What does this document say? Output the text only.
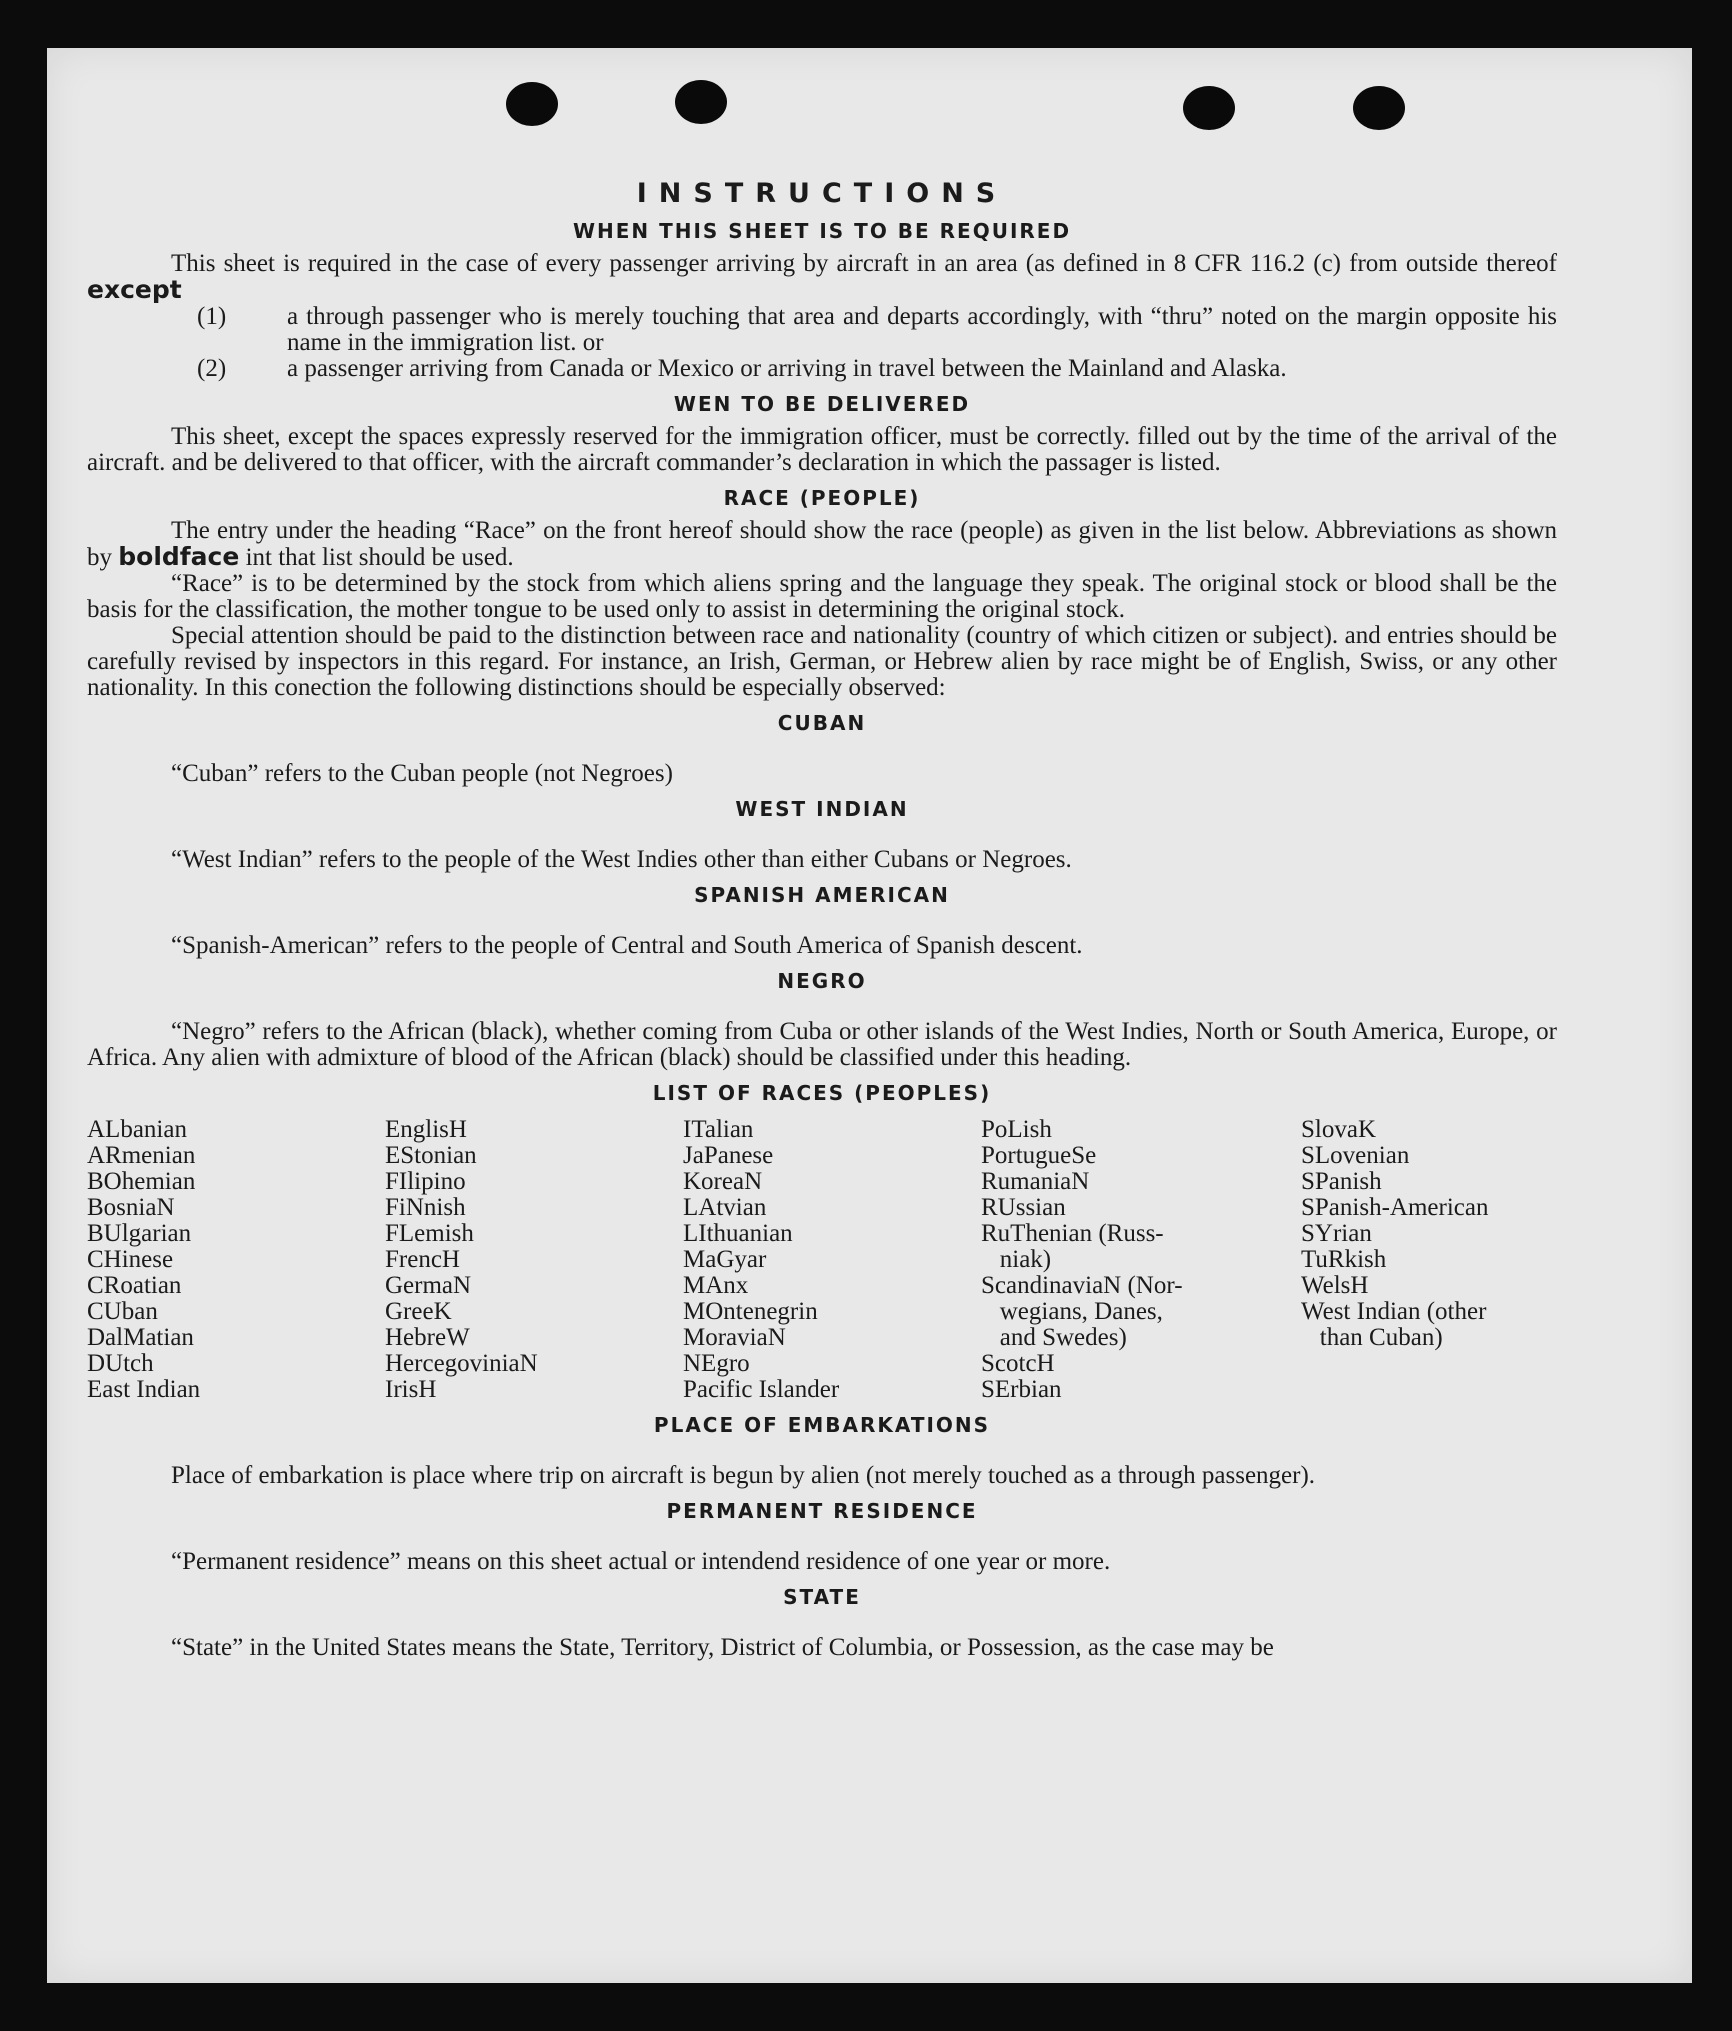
INSTRUCTIONS
WHEN THIS SHEET IS TO BE REQUIRED

This sheet is required in the case of every passenger arriving by aircraft in an area (as defined in 8 CFR 116.2 (c) from outside thereof except

(1) a through passenger who is merely touching that area and departs accordingly, with “thru” noted on the margin opposite his name in the immigration list. or

(2) a passenger arriving from Canada or Mexico or arriving in travel between the Mainland and Alaska.

WEN TO BE DELIVERED

This sheet, except the spaces expressly reserved for the immigration officer, must be correctly. filled out by the time of the arrival of the aircraft. and be delivered to that officer, with the aircraft commander’s declaration in which the passager is listed.

RACE (PEOPLE)

The entry under the heading “Race” on the front hereof should show the race (people) as given in the list below. Abbreviations as shown by boldface int that list should be used.

“Race” is to be determined by the stock from which aliens spring and the language they speak. The original stock or blood shall be the basis for the classification, the mother tongue to be used only to assist in determining the original stock.

Special attention should be paid to the distinction between race and nationality (country of which citizen or subject). and entries should be carefully revised by inspectors in this regard. For instance, an Irish, German, or Hebrew alien by race might be of English, Swiss, or any other nationality. In this conection the following distinctions should be especially observed:

CUBAN

“Cuban” refers to the Cuban people (not Negroes)

WEST INDIAN

“West Indian” refers to the people of the West Indies other than either Cubans or Negroes.

SPANISH AMERICAN

“Spanish-American” refers to the people of Central and South America of Spanish descent.

NEGRO

“Negro” refers to the African (black), whether coming from Cuba or other islands of the West Indies, North or South America, Europe, or Africa. Any alien with admixture of blood of the African (black) should be classified under this heading.

LIST OF RACES (PEOPLES)
ALbanian
ARmenian
BOhemian
BosniaN
BUlgarian
CHinese
CRoatian
CUban
DalMatian
DUtch
East Indian
EnglisH
EStonian
FIlipino
FiNnish
FLemish
FrencH
GermaN
GreeK
HebreW
HercegoviniaN
IrisH
ITalian
JaPanese
KoreaN
LAtvian
LIthuanian
MaGyar
MAnx
MOntenegrin
MoraviaN
NEgro
Pacific Islander
PoLish
PortugueSe
RumaniaN
RUssian
RuThenian (Russ-
niak)
ScandinaviaN (Nor-
wegians, Danes,
and Swedes)
ScotcH
SErbian
SlovaK
SLovenian
SPanish
SPanish-American
SYrian
TuRkish
WelsH
West Indian (other
than Cuban)
PLACE OF EMBARKATIONS

Place of embarkation is place where trip on aircraft is begun by alien (not merely touched as a through passenger).

PERMANENT RESIDENCE

“Permanent residence” means on this sheet actual or intendend residence of one year or more.

STATE

“State” in the United States means the State, Territory, District of Columbia, or Possession, as the case may be
